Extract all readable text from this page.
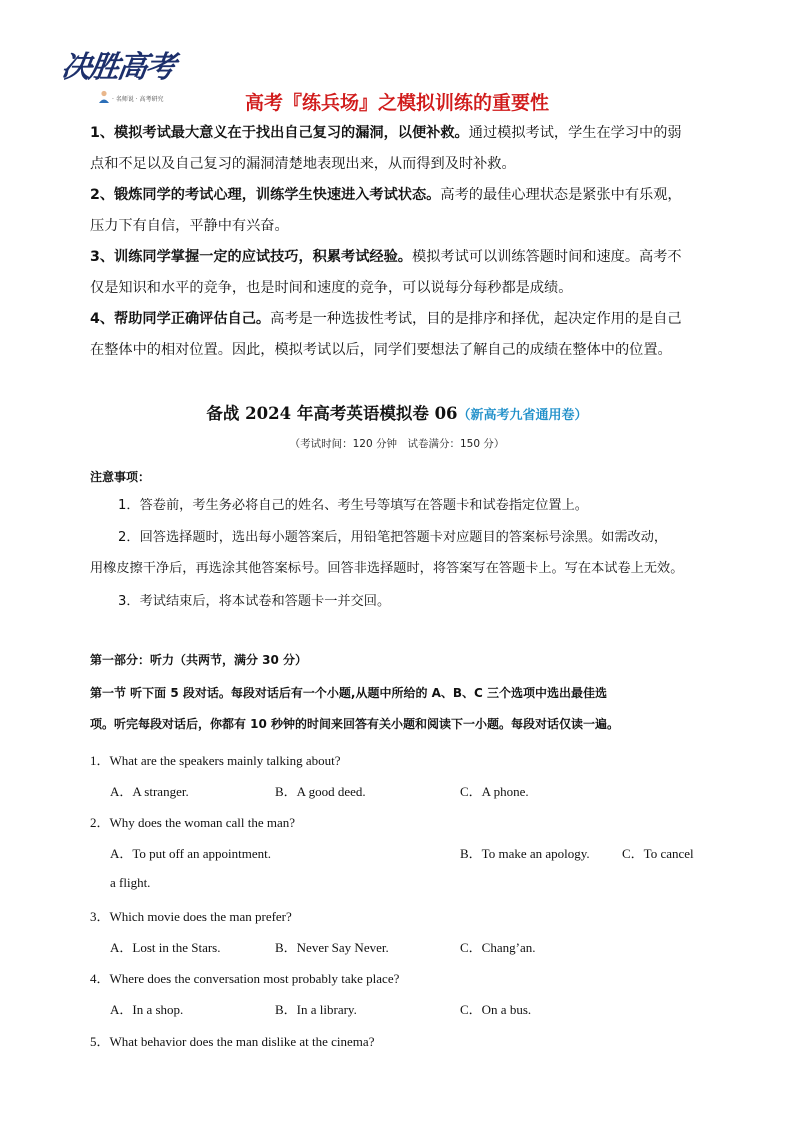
决胜高考
· 名师说 · 高考研究	高考『练兵场』之模拟训练的重要性
1、模拟考试最大意义在于找出自己复习的漏洞，以便补救。通过模拟考试，学生在学习中的弱
点和不足以及自己复习的漏洞清楚地表现出来，从而得到及时补救。
2、锻炼同学的考试心理，训练学生快速进入考试状态。高考的最佳心理状态是紧张中有乐观，
压力下有自信，平静中有兴奋。
3、训练同学掌握一定的应试技巧，积累考试经验。模拟考试可以训练答题时间和速度。高考不
仅是知识和水平的竞争，也是时间和速度的竞争，可以说每分每秒都是成绩。
4、帮助同学正确评估自己。高考是一种选拔性考试，目的是排序和择优，起决定作用的是自己
在整体中的相对位置。因此，模拟考试以后，同学们要想法了解自己的成绩在整体中的位置。
备战 2024 年高考英语模拟卷 06（新高考九省通用卷）
（考试时间：120 分钟　试卷满分：150 分）
注意事项：
1．答卷前，考生务必将自己的姓名、考生号等填写在答题卡和试卷指定位置上。
2．回答选择题时，选出每小题答案后，用铅笔把答题卡对应题目的答案标号涂黑。如需改动，
用橡皮擦干净后，再选涂其他答案标号。回答非选择题时，将答案写在答题卡上。写在本试卷上无效。
3．考试结束后，将本试卷和答题卡一并交回。
第一部分：听力（共两节，满分 30 分）
第一节 听下面 5 段对话。每段对话后有一个小题,从题中所给的 A、B、C 三个选项中选出最佳选
项。听完每段对话后，你都有 10 秒钟的时间来回答有关小题和阅读下一小题。每段对话仅读一遍。
1．What are the speakers mainly talking about?
A．A stranger.	B．A good deed.	C．A phone.
2．Why does the woman call the man?
A．To put off an appointment.	B．To make an apology. C．To cancel
a flight.
3．Which movie does the man prefer?
A．Lost in the Stars.	B．Never Say Never.	C．Chang’an.
4．Where does the conversation most probably take place?
A．In a shop.	B．In a library.	C．On a bus.
5．What behavior does the man dislike at the cinema?
